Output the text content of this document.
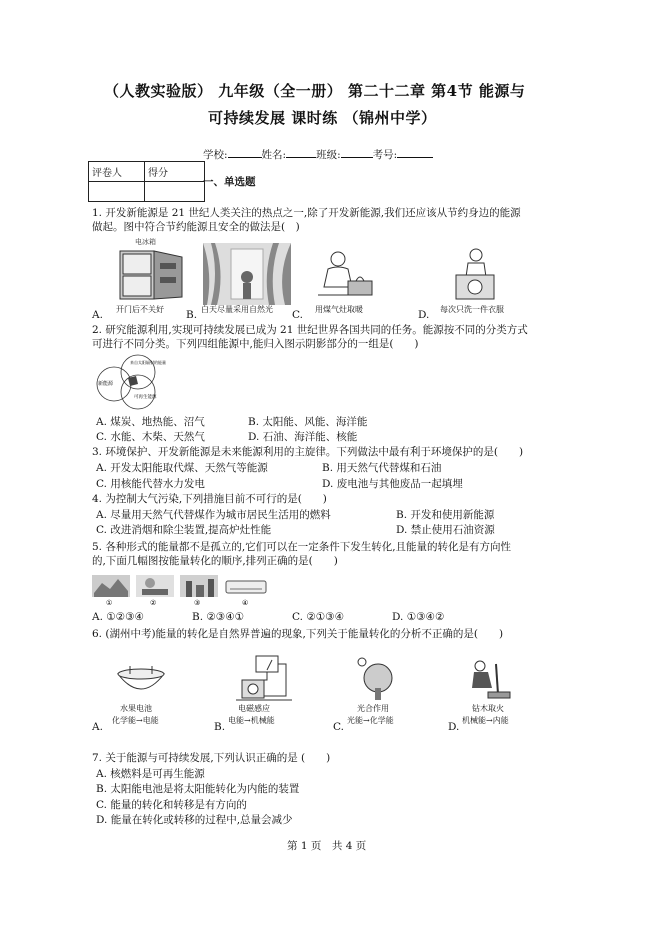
（人教实验版） 九年级（全一册） 第二十二章 第4节 能源与
可持续发展 课时练 （锦州中学）
学校:	姓名:	班级:	考号:
评卷人	得分

一、单选题
1. 开发新能源是 21 世纪人类关注的热点之一,除了开发新能源,我们还应该从节约身边的能源
做起。图中符合节约能源且安全的做法是(　)
电冰箱
A. 开门后不关好 B. 白天尽量采用自然光 C. 用煤气灶取暖	D. 每次只洗一件衣服
2. 研究能源利用,实现可持续发展已成为 21 世纪世界各国共同的任务。能源按不同的分类方式
可进行不同分类。下列四组能源中,能归入图示阴影部分的一组是(　　)
来自太阳辐射的能量
新能源
可再生能源
A. 煤炭、地热能、沼气	B. 太阳能、风能、海洋能
C. 水能、木柴、天然气	D. 石油、海洋能、核能
3. 环境保护、开发新能源是未来能源利用的主旋律。下列做法中最有利于环境保护的是(　　)
A. 开发太阳能取代煤、天然气等能源	B. 用天然气代替煤和石油
C. 用核能代替水力发电	D. 废电池与其他废品一起填埋
4. 为控制大气污染,下列措施目前不可行的是(　　)
A. 尽量用天然气代替煤作为城市居民生活用的燃料	B. 开发和使用新能源
C. 改进消烟和除尘装置,提高炉灶性能	D. 禁止使用石油资源
5. 各种形式的能量都不是孤立的,它们可以在一定条件下发生转化,且能量的转化是有方向性
的,下面几幅图按能量转化的顺序,排列正确的是(　　)
①	②	③	④
A. ①②③④	B. ②③④①	C. ②①③④	D. ①③④②
6. (湖州中考)能量的转化是自然界普遍的现象,下列关于能量转化的分析不正确的是(　　)
A.
水果电池
化学能→电能
B.
电磁感应
电能→机械能
C.
光合作用
光能→化学能
D.
钻木取火
机械能→内能
7. 关于能源与可持续发展,下列认识正确的是 (　　)
A. 核燃料是可再生能源
B. 太阳能电池是将太阳能转化为内能的装置
C. 能量的转化和转移是有方向的
D. 能量在转化或转移的过程中,总量会减少
第 1 页　共 4 页
